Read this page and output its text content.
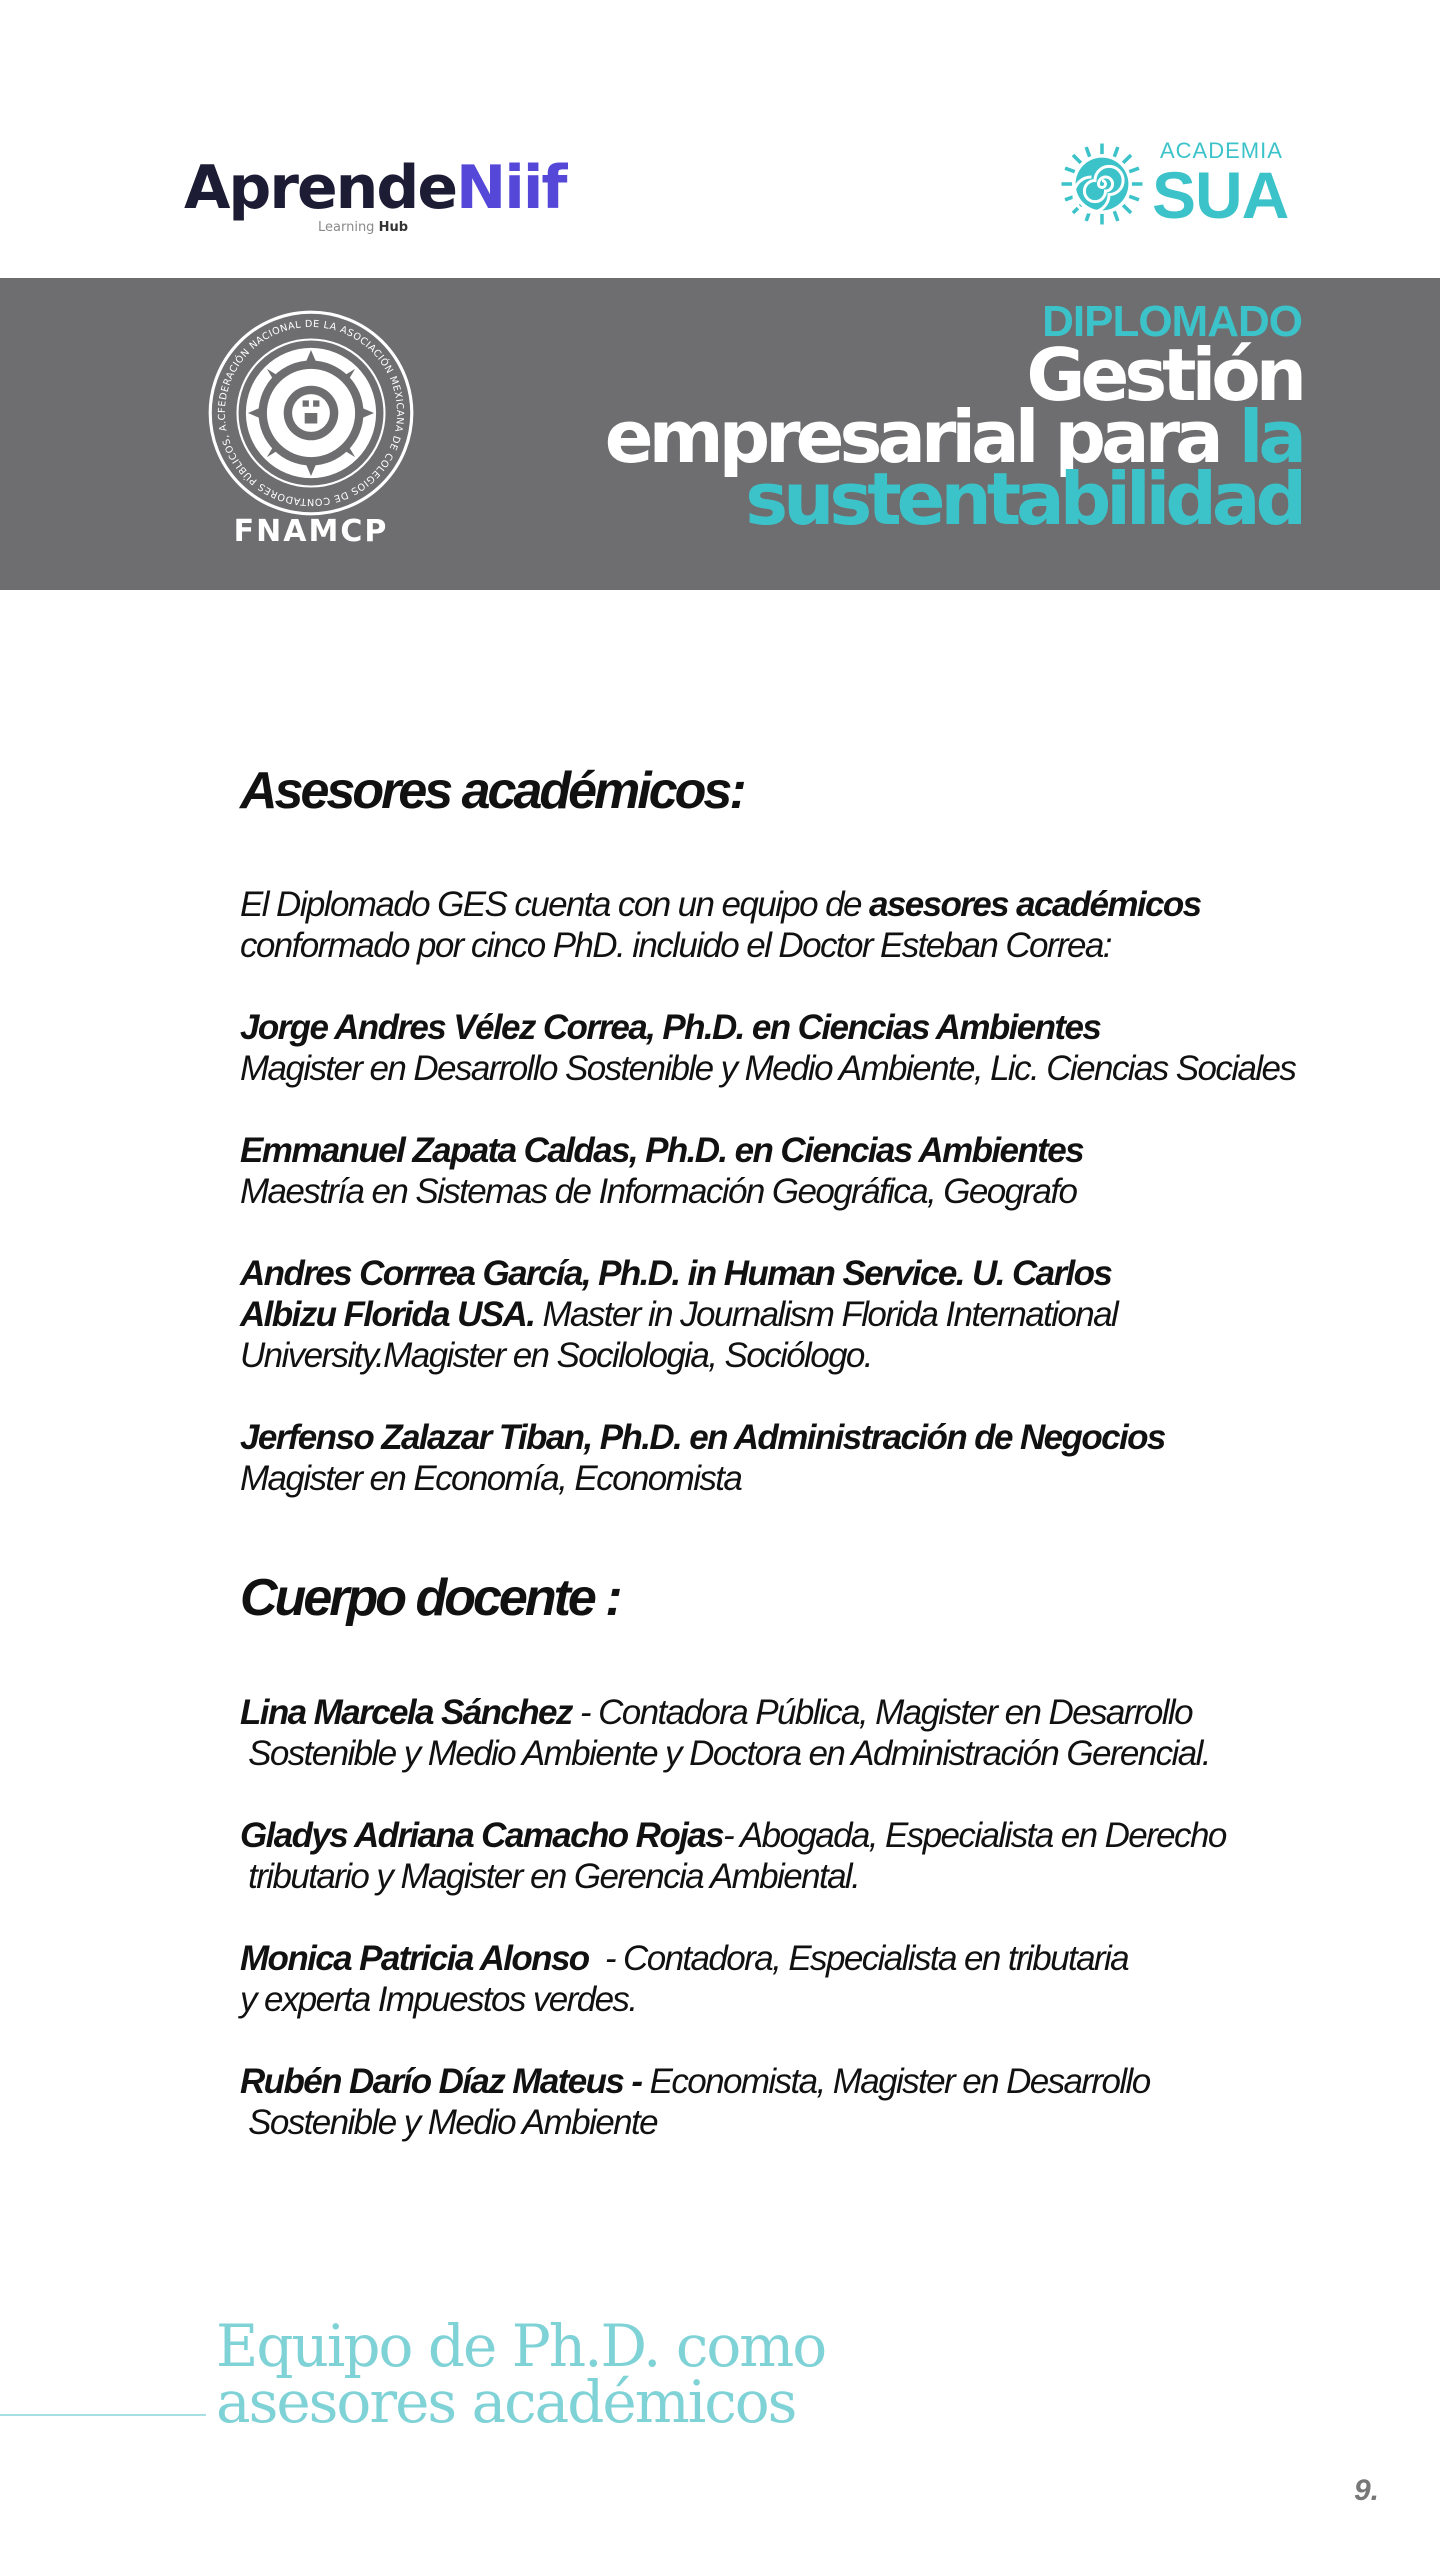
AprendeNiif
Learning Hub
ACADEMIA
SUA
FEDERACIÓN NACIONAL DE LA ASOCIACIÓN MEXICANA DE COLEGIOS DE CONTADORES PÚBLICOS, A.C
FNAMCP
DIPLOMADO
Gestión
empresarial para la
sustentabilidad
Asesores académicos:

El Diplomado GES cuenta con un equipo de asesores académicos

conformado por cinco PhD. incluido el Doctor Esteban Correa:

Jorge Andres Vélez Correa, Ph.D. en Ciencias Ambientes

Magister en Desarrollo Sostenible y Medio Ambiente, Lic. Ciencias Sociales

Emmanuel Zapata Caldas, Ph.D. en Ciencias Ambientes

Maestría en Sistemas de Información Geográfica, Geografo

Andres Corrrea García, Ph.D. in Human Service. U. Carlos

Albizu Florida USA. Master in Journalism Florida International

University.Magister en Socilologia, Sociólogo.

Jerfenso Zalazar Tiban, Ph.D. en Administración de Negocios

Magister en Economía, Economista

Cuerpo docente :

Lina Marcela Sánchez - Contadora Pública, Magister en Desarrollo

Sostenible y Medio Ambiente y Doctora en Administración Gerencial.

Gladys Adriana Camacho Rojas- Abogada, Especialista en Derecho

tributario y Magister en Gerencia Ambiental.

Monica Patricia Alonso  - Contadora, Especialista en tributaria

y experta Impuestos verdes.

Rubén Darío Díaz Mateus - Economista, Magister en Desarrollo

Sostenible y Medio Ambiente

Equipo de Ph.D. como
asesores académicos
9.
